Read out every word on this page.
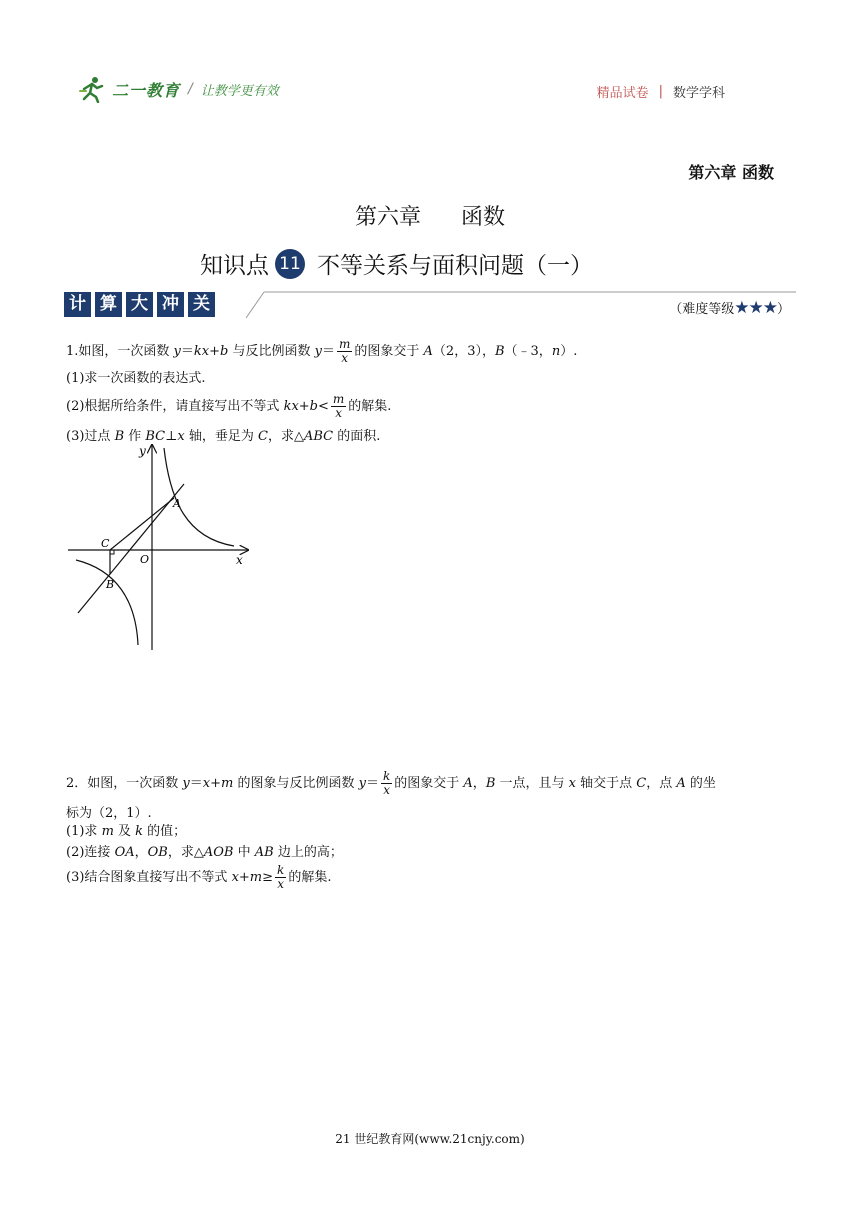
二一教育 / 让教学更有效	精品试卷 | 数学学科
第六章 函数
第六章 函数
知识点 11 不等关系与面积问题（一）
计 算 大 冲 关	（难度等级★★★）
1.如图，一次函数 y＝kx+b 与反比例函数 $y= \frac{m}{x}$ 的图象交于 A（2，3），B（﹣3，n）.
(1)求一次函数的表达式.
(2)根据所给条件，请直接写出不等式 $kx+b< \frac{m}{x}$ 的解集.
(3)过点 B 作 BC⊥x 轴，垂足为 C，求△ABC 的面积.
y
x
O
A
B
C
2．如图，一次函数 y＝x+m 的图象与反比例函数 $y= \frac{k}{x}$ 的图象交于 A，B 一点，且与 x 轴交于点 C，点 A 的坐
标为（2，1）.
(1)求 m 及 k 的值；
(2)连接 OA，OB，求△AOB 中 AB 边上的高；
(3)结合图象直接写出不等式 $x+m\ge \frac{k}{x}$ 的解集.
21 世纪教育网(www.21cnjy.com)
